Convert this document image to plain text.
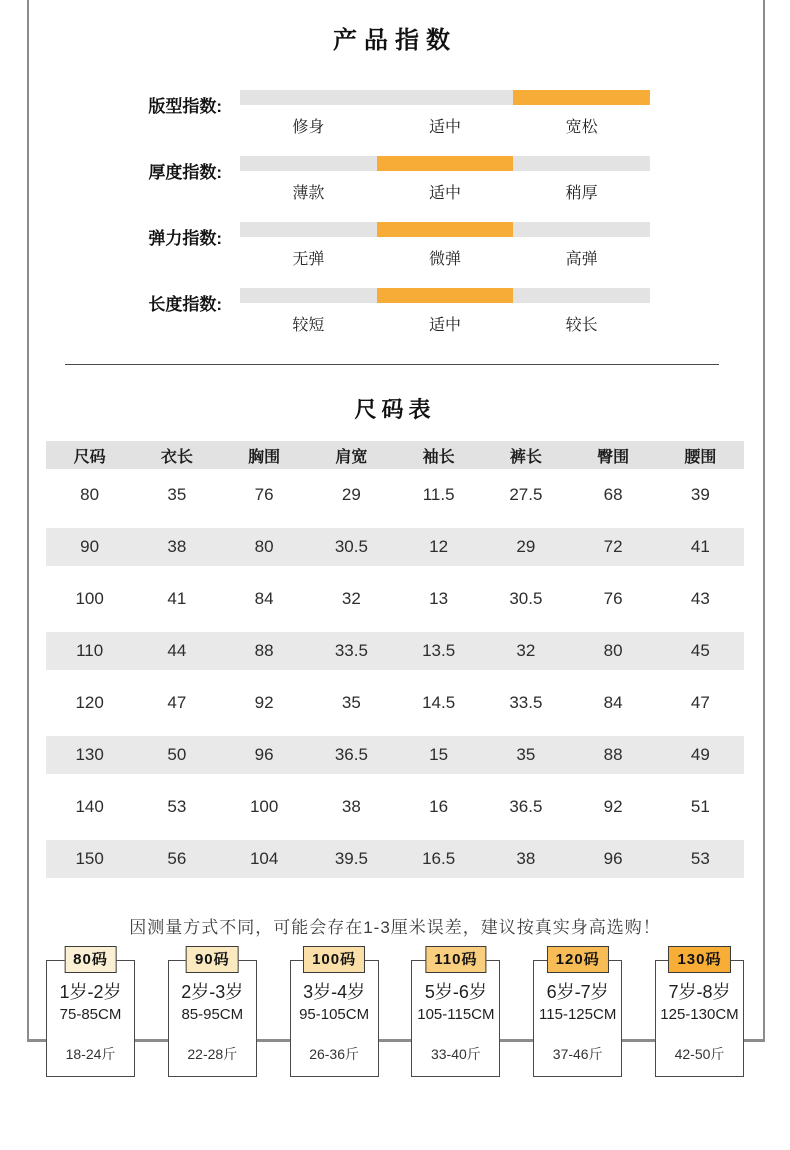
产品指数
版型指数:
修身	适中	宽松
厚度指数:
薄款	适中	稍厚
弹力指数:
无弹	微弹	高弹
长度指数:
较短	适中	较长
尺码表
尺码	衣长	胸围	肩宽	袖长	裤长	臀围	腰围
80	35	76	29	11.5	27.5	68	39
90	38	80	30.5	12	29	72	41
100	41	84	32	13	30.5	76	43
110	44	88	33.5	13.5	32	80	45
120	47	92	35	14.5	33.5	84	47
130	50	96	36.5	15	35	88	49
140	53	100	38	16	36.5	92	51
150	56	104	39.5	16.5	38	96	53
因测量方式不同，可能会存在1-3厘米误差，建议按真实身高选购！
1岁-2岁
75-85CM
18-24斤
80码
2岁-3岁
85-95CM
22-28斤
90码
3岁-4岁
95-105CM
26-36斤
100码
5岁-6岁
105-115CM
33-40斤
110码
6岁-7岁
115-125CM
37-46斤
120码
7岁-8岁
125-130CM
42-50斤
130码
